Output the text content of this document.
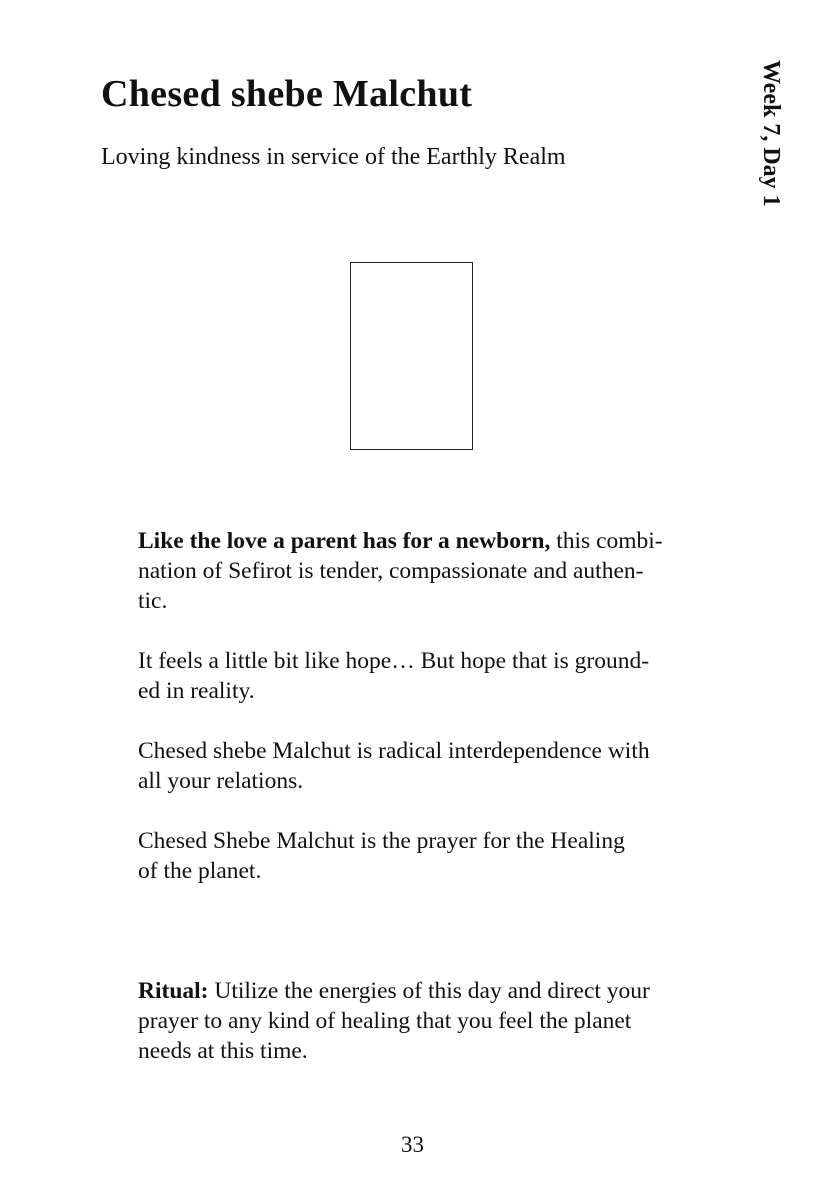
Chesed shebe Malchut

Loving kindness in service of the Earthly Realm	Week 7, Day 1

Like the love a parent has for a newborn, this combi-
nation of Sefirot is tender, compassionate and authen-
tic.

It feels a little bit like hope… But hope that is ground-
ed in reality.

Chesed shebe Malchut is radical interdependence with
all your relations.

Chesed Shebe Malchut is the prayer for the Healing
of the planet.

Ritual: Utilize the energies of this day and direct your
prayer to any kind of healing that you feel the planet
needs at this time.

33
